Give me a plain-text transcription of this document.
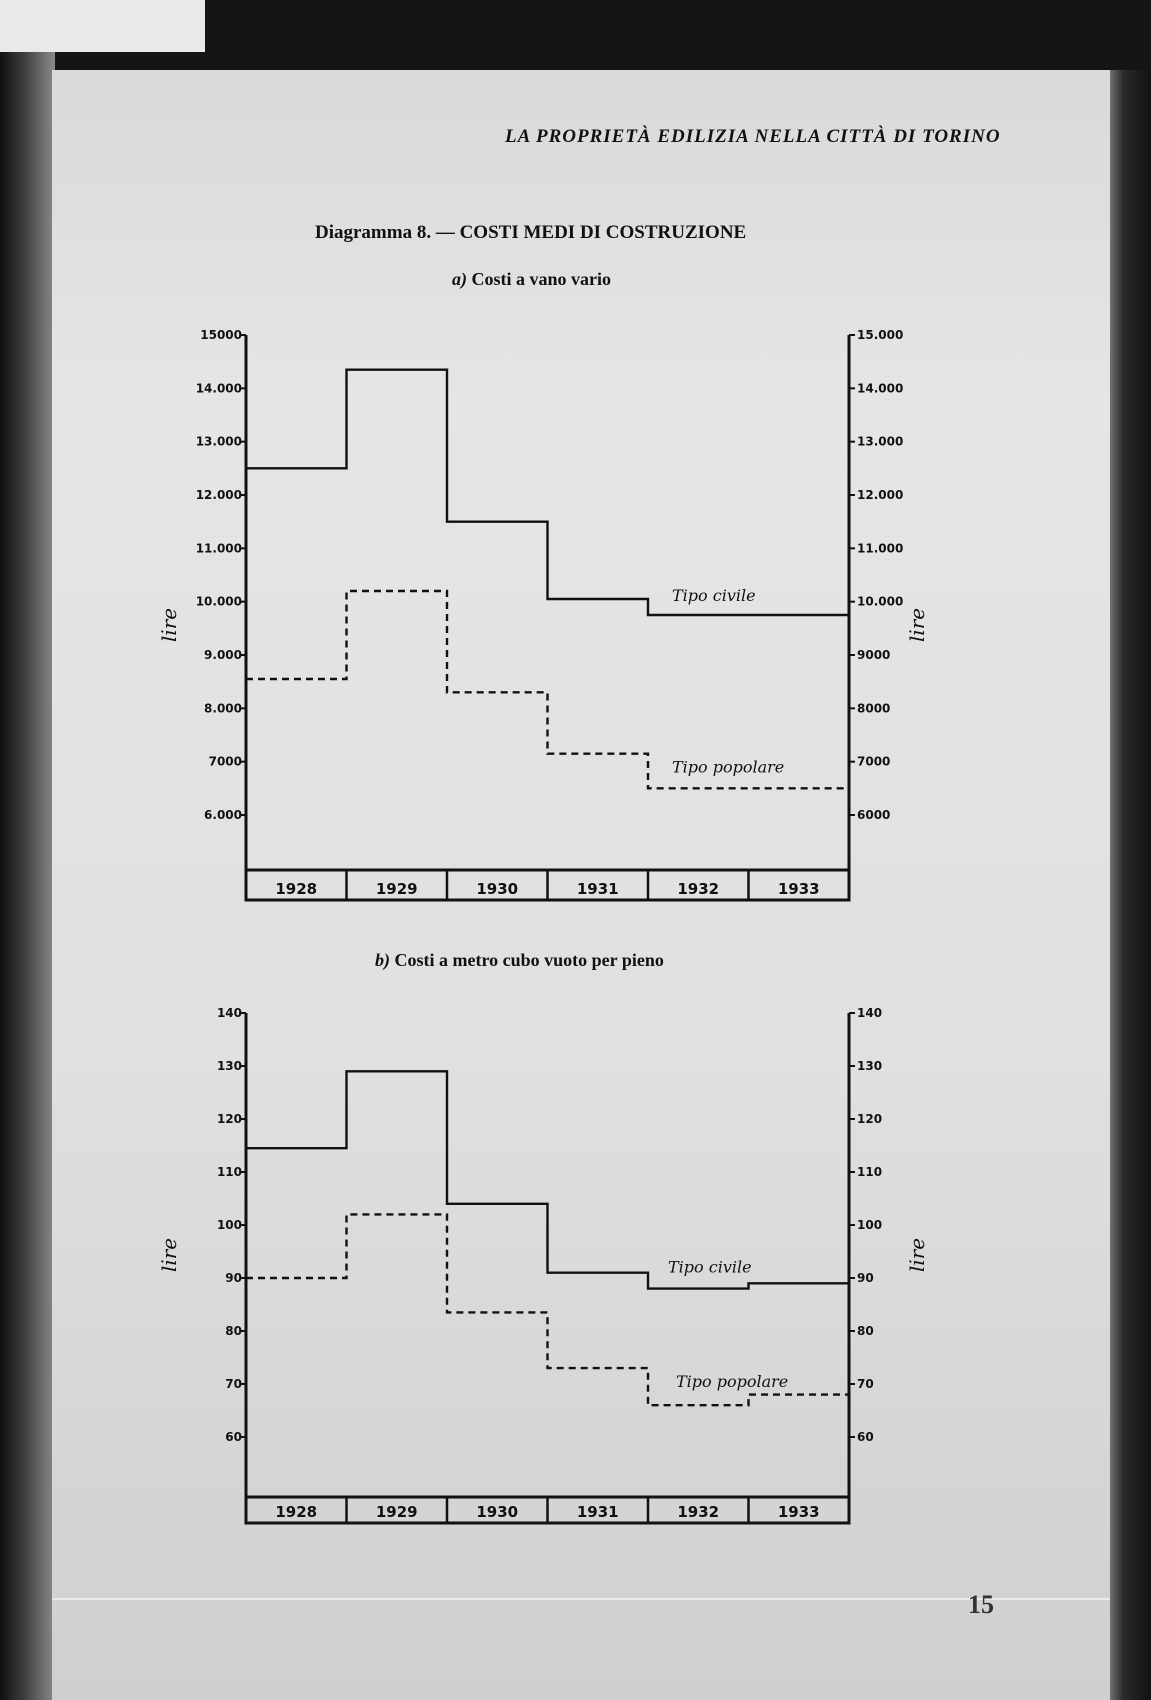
LA PROPRIETÀ EDILIZIA NELLA CITTÀ DI TORINO
Diagramma 8. — COSTI MEDI DI COSTRUZIONE
a) Costi a vano vario
b) Costi a metro cubo vuoto per pieno
1928	1929	1930	1931	1932	1933
15000	15.000
14.000	14.000
13.000	13.000
12.000	12.000
11.000	11.000
10.000	10.000
9.000	9000
8.000	8000
7000	7000
6.000	6000
lire	lire
Tipo civile
Tipo popolare
1928	1929	1930	1931	1932	1933
140	140
130	130
120	120
110	110
100	100
90	90
80	80
70	70
60	60
lire	lire
Tipo civile
Tipo popolare
15
